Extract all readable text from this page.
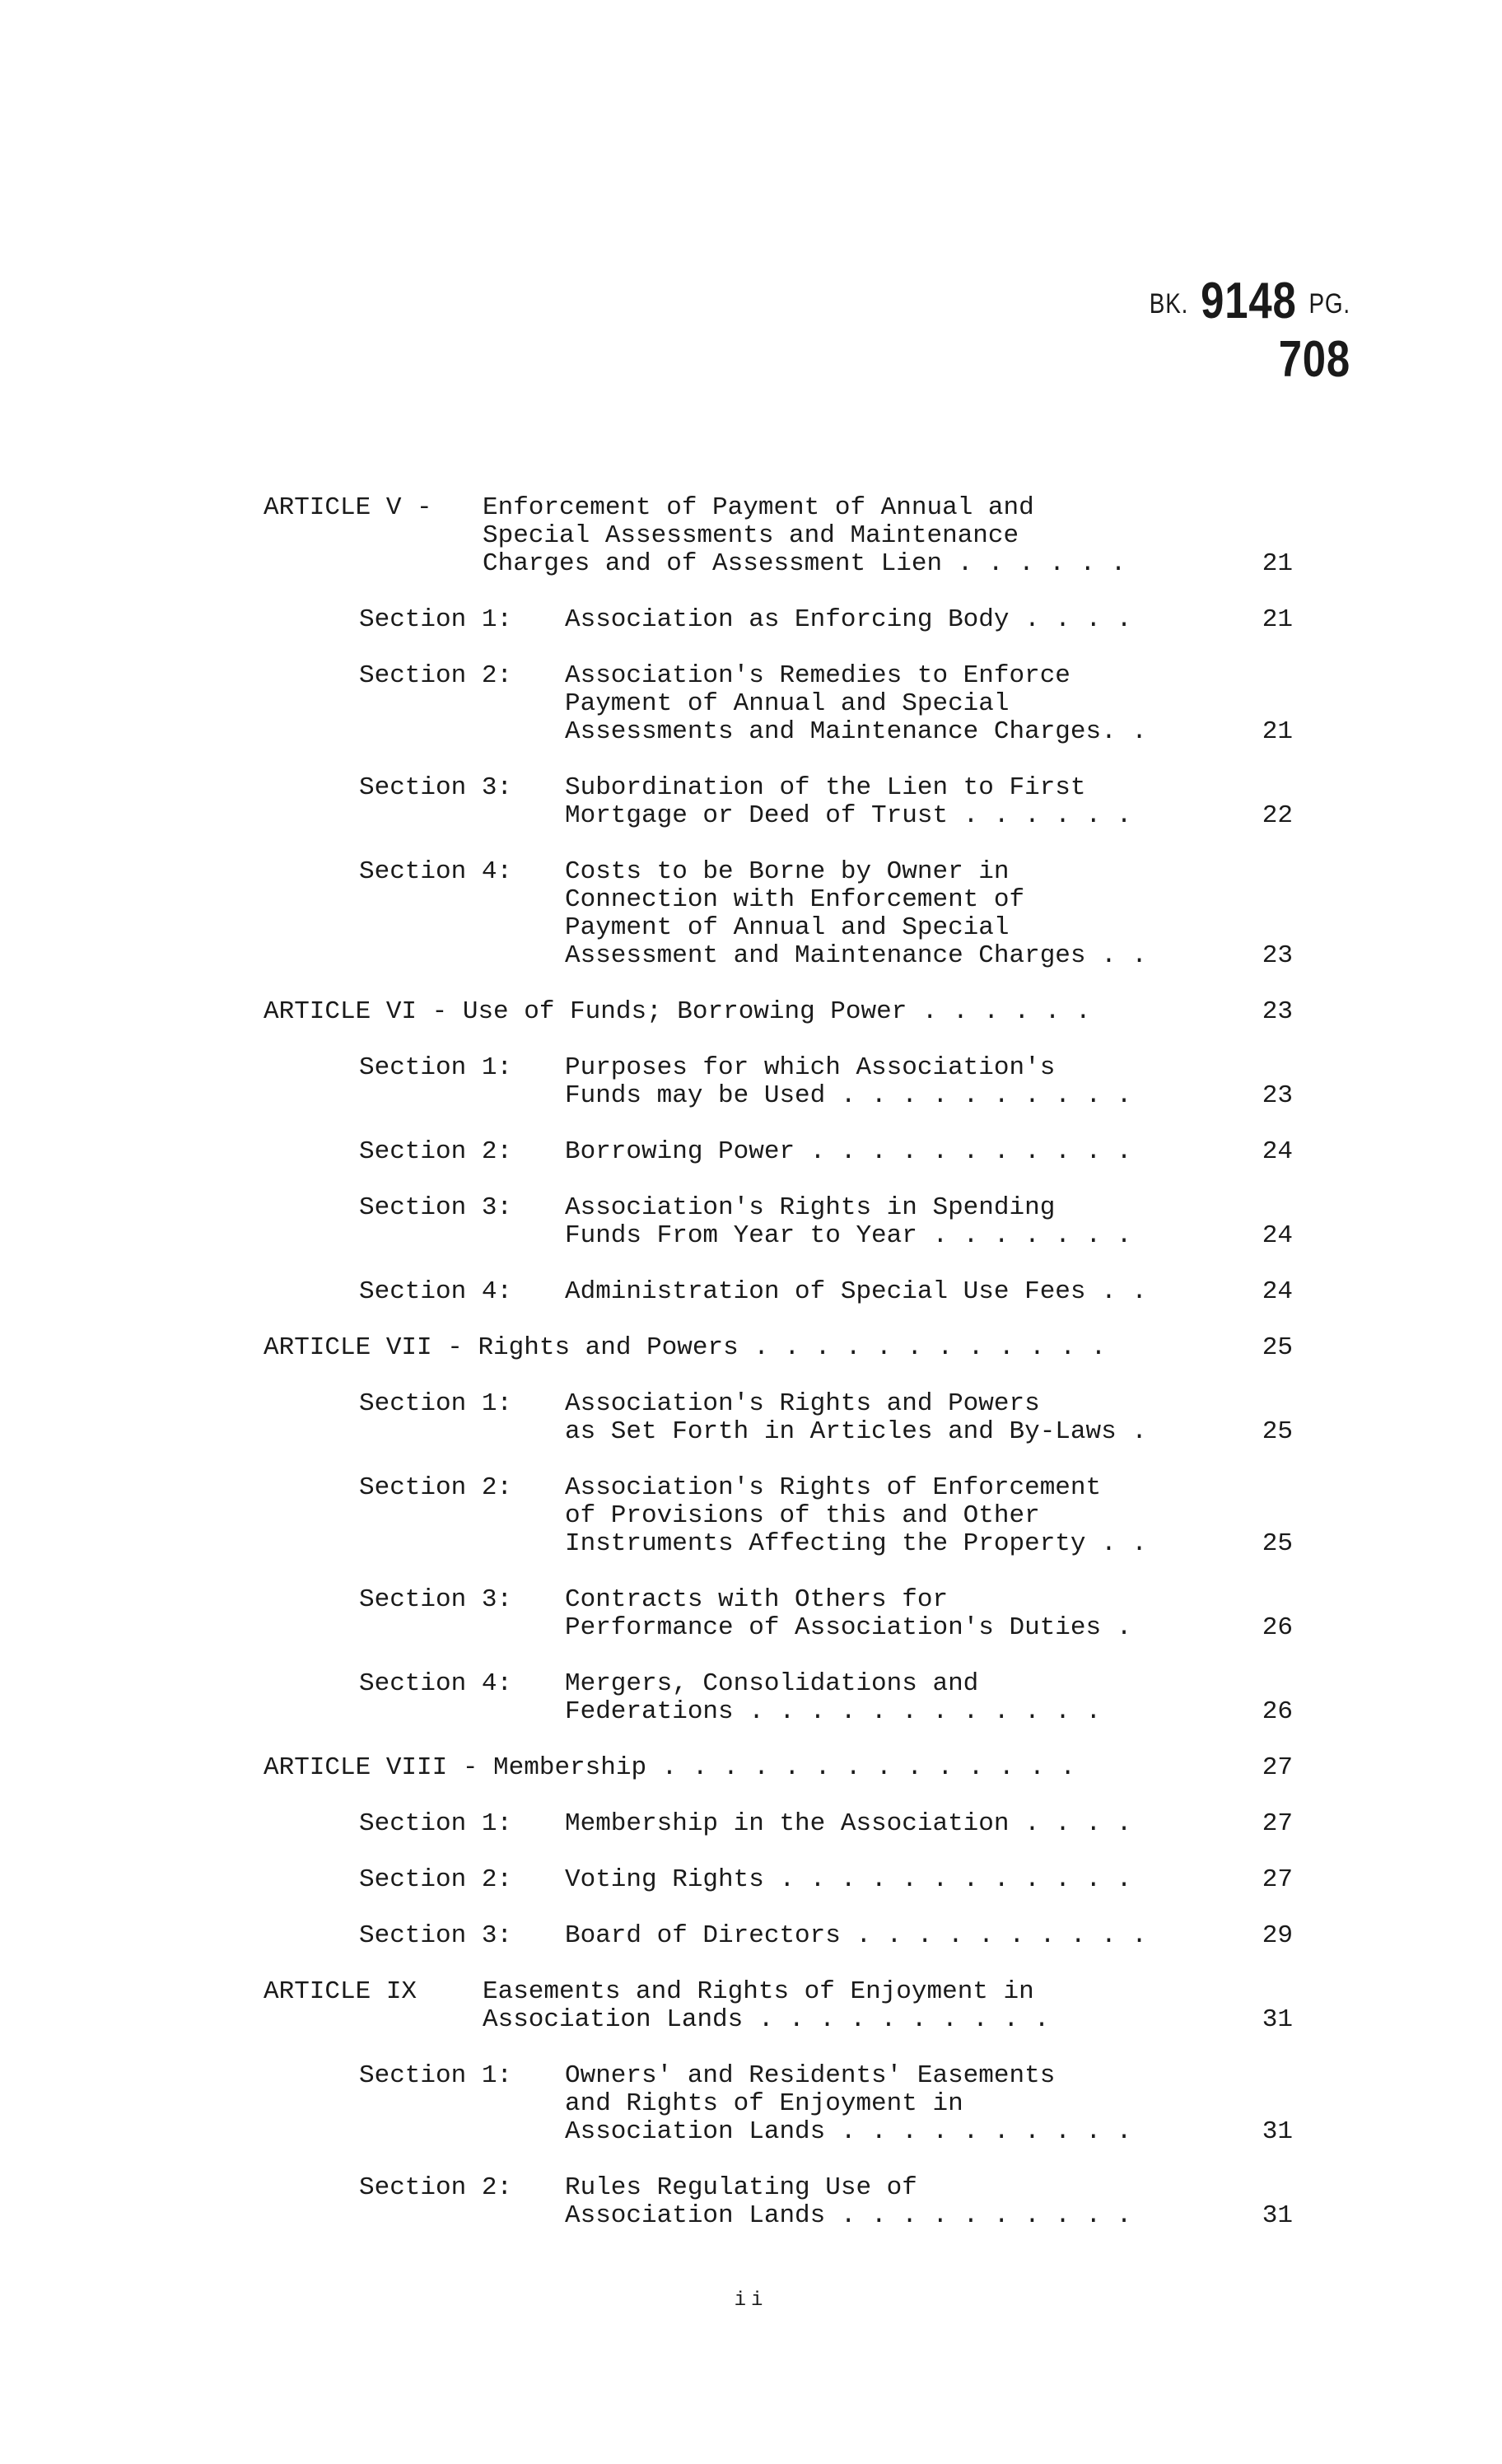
BK. 9148 PG. 708
ARTICLE V - Enforcement of Payment of Annual and
Special Assessments and Maintenance
Charges and of Assessment Lien . . . . . .	21
Section 1: Association as Enforcing Body . . . .	21
Section 2: Association's Remedies to Enforce
Payment of Annual and Special
Assessments and Maintenance Charges. .	21
Section 3: Subordination of the Lien to First
Mortgage or Deed of Trust . . . . . .	22
Section 4: Costs to be Borne by Owner in
Connection with Enforcement of
Payment of Annual and Special
Assessment and Maintenance Charges . .	23
ARTICLE VI - Use of Funds; Borrowing Power . . . . . .	23
Section 1: Purposes for which Association's
Funds may be Used . . . . . . . . . .	23
Section 2: Borrowing Power . . . . . . . . . . .	24
Section 3: Association's Rights in Spending
Funds From Year to Year . . . . . . .	24
Section 4: Administration of Special Use Fees . .	24
ARTICLE VII - Rights and Powers . . . . . . . . . . . .	25
Section 1: Association's Rights and Powers
as Set Forth in Articles and By-Laws .	25
Section 2: Association's Rights of Enforcement
of Provisions of this and Other
Instruments Affecting the Property . .	25
Section 3: Contracts with Others for
Performance of Association's Duties .	26
Section 4: Mergers, Consolidations and
Federations . . . . . . . . . . . .	26
ARTICLE VIII - Membership . . . . . . . . . . . . . .	27
Section 1: Membership in the Association . . . .	27
Section 2: Voting Rights . . . . . . . . . . . .	27
Section 3: Board of Directors . . . . . . . . . .	29
ARTICLE IX	Easements and Rights of Enjoyment in
Association Lands . . . . . . . . . .	31
Section 1: Owners' and Residents' Easements
and Rights of Enjoyment in
Association Lands . . . . . . . . . .	31
Section 2: Rules Regulating Use of
Association Lands . . . . . . . . . .	31
ii
